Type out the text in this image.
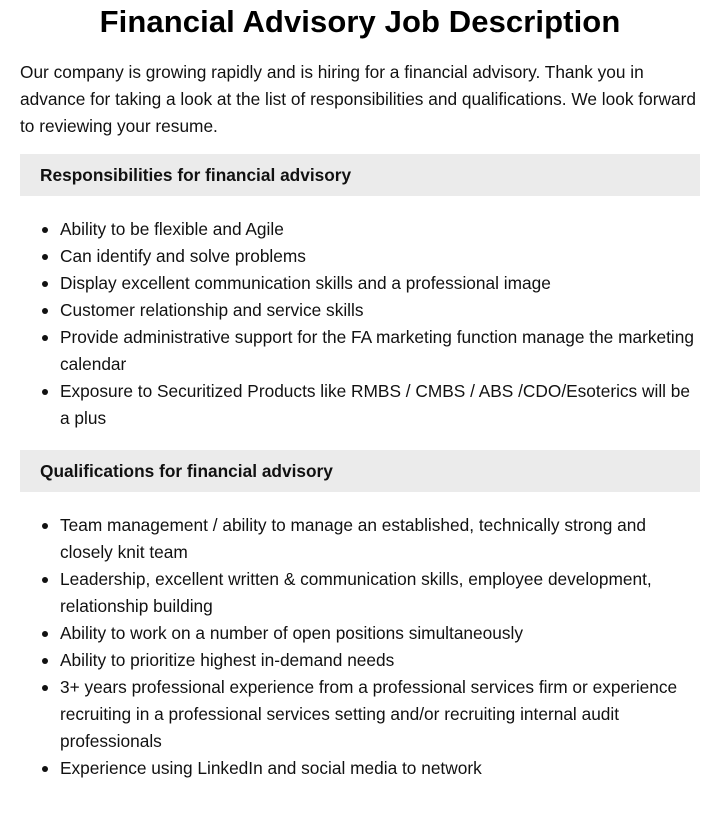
Financial Advisory Job Description

Our company is growing rapidly and is hiring for a financial advisory. Thank you in advance for taking a look at the list of responsibilities and qualifications. We look forward to reviewing your resume.

Responsibilities for financial advisory
Ability to be flexible and Agile
Can identify and solve problems
Display excellent communication skills and a professional image
Customer relationship and service skills
Provide administrative support for the FA marketing function manage the marketing calendar
Exposure to Securitized Products like RMBS / CMBS / ABS /CDO/Esoterics will be a plus
Qualifications for financial advisory
Team management / ability to manage an established, technically strong and closely knit team
Leadership, excellent written & communication skills, employee development, relationship building
Ability to work on a number of open positions simultaneously
Ability to prioritize highest in-demand needs
3+ years professional experience from a professional services firm or experience recruiting in a professional services setting and/or recruiting internal audit professionals
Experience using LinkedIn and social media to network
